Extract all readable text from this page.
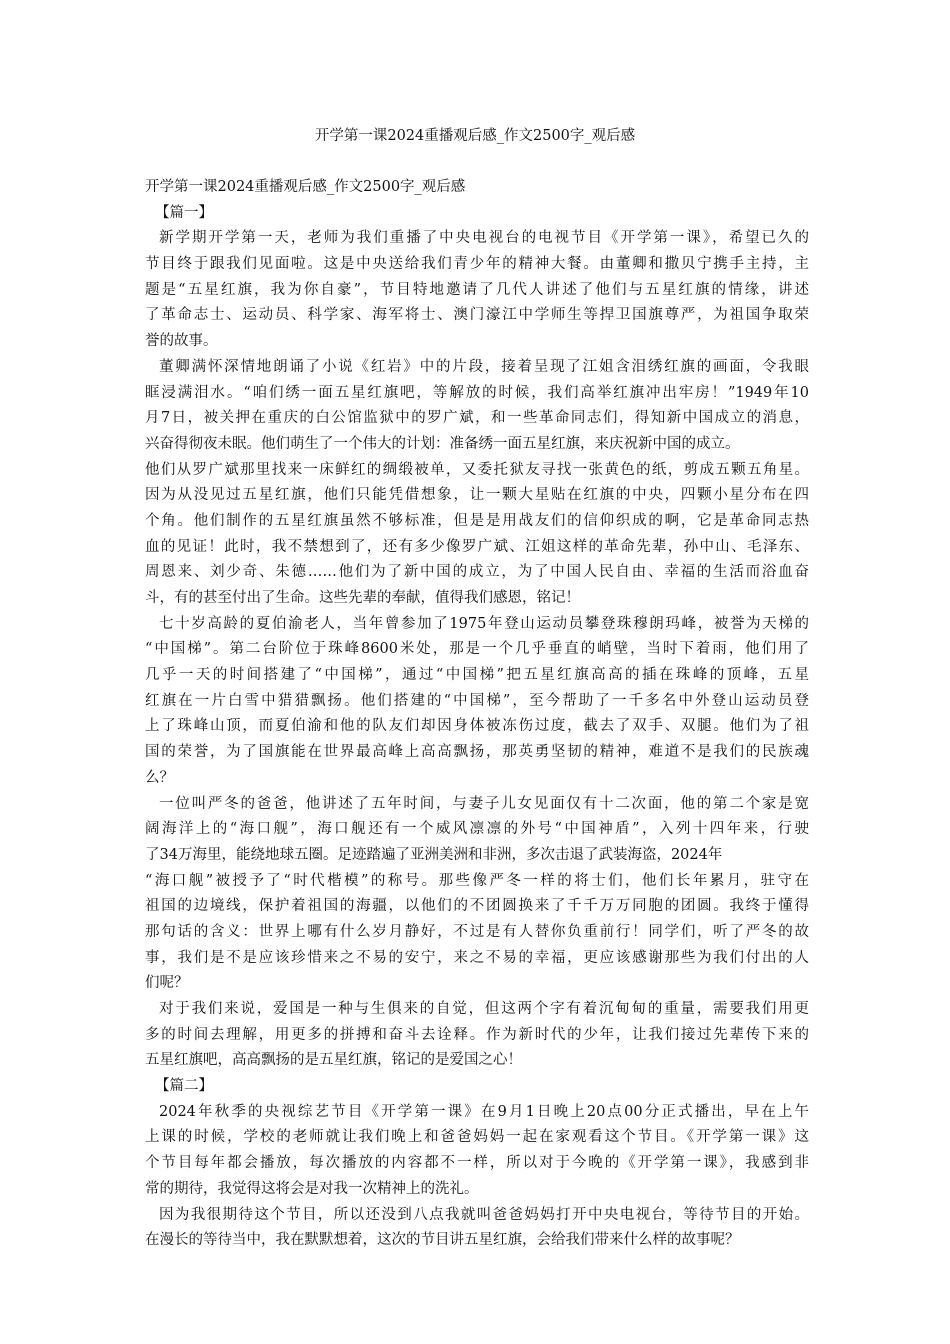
开学第一课2024重播观后感_作文2500字_观后感
开学第一课2024重播观后感_作文2500字_观后感
【篇一】
新学期开学第一天，老师为我们重播了中央电视台的电视节目《开学第一课》，希望已久的
节目终于跟我们见面啦。这是中央送给我们青少年的精神大餐。由董卿和撒贝宁携手主持，主
题是“五星红旗，我为你自豪”，节目特地邀请了几代人讲述了他们与五星红旗的情缘，讲述
了革命志士、运动员、科学家、海军将士、澳门濠江中学师生等捍卫国旗尊严，为祖国争取荣
誉的故事。
董卿满怀深情地朗诵了小说《红岩》中的片段，接着呈现了江姐含泪绣红旗的画面，令我眼
眶浸满泪水。“咱们绣一面五星红旗吧，等解放的时候，我们高举红旗冲出牢房！”1949年10
月7日，被关押在重庆的白公馆监狱中的罗广斌，和一些革命同志们，得知新中国成立的消息，
兴奋得彻夜未眠。他们萌生了一个伟大的计划：准备绣一面五星红旗，来庆祝新中国的成立。
他们从罗广斌那里找来一床鲜红的绸缎被单，又委托狱友寻找一张黄色的纸，剪成五颗五角星。
因为从没见过五星红旗，他们只能凭借想象，让一颗大星贴在红旗的中央，四颗小星分布在四
个角。他们制作的五星红旗虽然不够标准，但是是用战友们的信仰织成的啊，它是革命同志热
血的见证！此时，我不禁想到了，还有多少像罗广斌、江姐这样的革命先辈，孙中山、毛泽东、
周恩来、刘少奇、朱德……他们为了新中国的成立，为了中国人民自由、幸福的生活而浴血奋
斗，有的甚至付出了生命。这些先辈的奉献，值得我们感恩，铭记！
七十岁高龄的夏伯渝老人，当年曾参加了1975年登山运动员攀登珠穆朗玛峰，被誉为天梯的
“中国梯”。第二台阶位于珠峰8600米处，那是一个几乎垂直的峭壁，当时下着雨，他们用了
几乎一天的时间搭建了“中国梯”，通过“中国梯”把五星红旗高高的插在珠峰的顶峰，五星
红旗在一片白雪中猎猎飘扬。他们搭建的“中国梯”，至今帮助了一千多名中外登山运动员登
上了珠峰山顶，而夏伯渝和他的队友们却因身体被冻伤过度，截去了双手、双腿。他们为了祖
国的荣誉，为了国旗能在世界最高峰上高高飘扬，那英勇坚韧的精神，难道不是我们的民族魂
么？
一位叫严冬的爸爸，他讲述了五年时间，与妻子儿女见面仅有十二次面，他的第二个家是宽
阔海洋上的“海口舰”，海口舰还有一个威风凛凛的外号“中国神盾”，入列十四年来，行驶
了34万海里，能绕地球五圈。足迹踏遍了亚洲美洲和非洲，多次击退了武装海盗，2024年
“海口舰”被授予了“时代楷模”的称号。那些像严冬一样的将士们，他们长年累月，驻守在
祖国的边境线，保护着祖国的海疆，以他们的不团圆换来了千千万万同胞的团圆。我终于懂得
那句话的含义：世界上哪有什么岁月静好，不过是有人替你负重前行！同学们，听了严冬的故
事，我们是不是应该珍惜来之不易的安宁，来之不易的幸福，更应该感谢那些为我们付出的人
们呢？
对于我们来说，爱国是一种与生俱来的自觉，但这两个字有着沉甸甸的重量，需要我们用更
多的时间去理解，用更多的拼搏和奋斗去诠释。作为新时代的少年，让我们接过先辈传下来的
五星红旗吧，高高飘扬的是五星红旗，铭记的是爱国之心！
【篇二】
2024年秋季的央视综艺节目《开学第一课》在9月1日晚上20点00分正式播出，早在上午
上课的时候，学校的老师就让我们晚上和爸爸妈妈一起在家观看这个节目。《开学第一课》这
个节目每年都会播放，每次播放的内容都不一样，所以对于今晚的《开学第一课》，我感到非
常的期待，我觉得这将会是对我一次精神上的洗礼。
因为我很期待这个节目，所以还没到八点我就叫爸爸妈妈打开中央电视台，等待节目的开始。
在漫长的等待当中，我在默默想着，这次的节目讲五星红旗，会给我们带来什么样的故事呢？
